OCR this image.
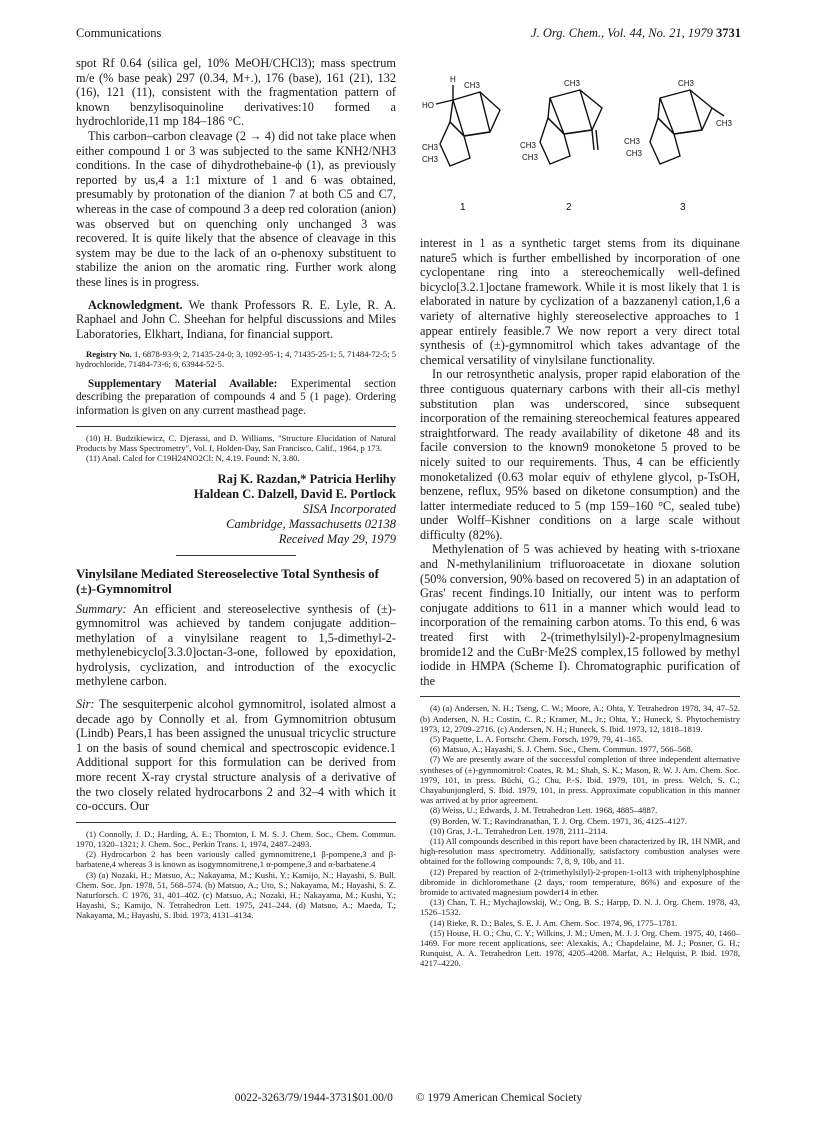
Communications	J. Org. Chem., Vol. 44, No. 21, 1979 3731

spot Rf 0.64 (silica gel, 10% MeOH/CHCl3); mass spectrum m/e (% base peak) 297 (0.34, M+.), 176 (base), 161 (21), 132 (16), 121 (11), consistent with the fragmentation pattern of known benzylisoquinoline derivatives:10 formed a hydrochloride,11 mp 184–186 °C.

This carbon–carbon cleavage (2 → 4) did not take place when either compound 1 or 3 was subjected to the same KNH2/NH3 conditions. In the case of dihydrothebaine-ϕ (1), as previously reported by us,4 a 1:1 mixture of 1 and 6 was obtained, presumably by protonation of the dianion 7 at both C5 and C7, whereas in the case of compound 3 a deep red coloration (anion) was observed but on quenching only unchanged 3 was recovered. It is quite likely that the absence of cleavage in this system may be due to the lack of an o-phenoxy substituent to stabilize the anion on the aromatic ring. Further work along these lines is in progress.

Acknowledgment. We thank Professors R. E. Lyle, R. A. Raphael and John C. Sheehan for helpful discussions and Miles Laboratories, Elkhart, Indiana, for financial support.

Registry No. 1, 6878-93-9; 2, 71435-24-0; 3, 1092-95-1; 4, 71435-25-1; 5, 71484-72-5; 5 hydrochloride, 71484-73-6; 6, 63944-52-5.

Supplementary Material Available: Experimental section describing the preparation of compounds 4 and 5 (1 page). Ordering information is given on any current masthead page.

(10) H. Budzikiewicz, C. Djerassi, and D. Williams, "Structure Elucidation of Natural Products by Mass Spectrometry", Vol. I, Holden-Day, San Francisco, Calif., 1964, p 173.

(11) Anal. Calcd for C19H24NO2Cl: N, 4.19. Found: N, 3.80.

Raj K. Razdan,* Patricia Herlihy
Haldean C. Dalzell, David E. Portlock
SISA Incorporated
Cambridge, Massachusetts 02138
Received May 29, 1979
Vinylsilane Mediated Stereoselective Total Synthesis of (±)-Gymnomitrol

Summary: An efficient and stereoselective synthesis of (±)-gymnomitrol was achieved by tandem conjugate addition–methylation of a vinylsilane reagent to 1,5-dimethyl-2-methylenebicyclo[3.3.0]octan-3-one, followed by epoxidation, hydrolysis, cyclization, and introduction of the exocyclic methylene carbon.

Sir: The sesquiterpenic alcohol gymnomitrol, isolated almost a decade ago by Connolly et al. from Gymnomitrion obtusum (Lindb) Pears,1 has been assigned the unusual tricyclic structure 1 on the basis of sound chemical and spectroscopic evidence.1 Additional support for this formulation can be derived from more recent X-ray crystal structure analysis of a derivative of the two closely related hydrocarbons 2 and 32–4 with which it co-occurs. Our

(1) Connolly, J. D.; Harding, A. E.; Thornton, I. M. S. J. Chem. Soc., Chem. Commun. 1970, 1320–1321; J. Chem. Soc., Perkin Trans. 1, 1974, 2487–2493.

(2) Hydrocarbon 2 has been variously called gymnomitrene,1 β-pompene,3 and β-barbatene,4 whereas 3 is known as isogymnomitrene,1 α-pompene,3 and α-barbatene.4

(3) (a) Nozaki, H.; Matsuo, A.; Nakayama, M.; Kushi, Y.; Kamijo, N.; Hayashi, S. Bull. Chem. Soc. Jpn. 1978, 51, 568–574. (b) Matsuo, A.; Uto, S.; Nakayama, M.; Hayashi, S. Z. Naturforsch. C 1976, 31, 401–402. (c) Matsuo, A.; Nozaki, H.; Nakayama, M.; Kushi, Y.; Hayashi, S.; Kamijo, N. Tetrahedron Lett. 1975, 241–244. (d) Matsuo, A.; Maeda, T.; Nakayama, M.; Hayashi, S. Ibid. 1973, 4131–4134.

H
HO
CH3
CH3
CH3
1
CH3
CH3
CH3
2
CH3
CH3
CH3
CH3
3

interest in 1 as a synthetic target stems from its diquinane nature5 which is further embellished by incorporation of one cyclopentane ring into a stereochemically well-defined bicyclo[3.2.1]octane framework. While it is most likely that 1 is elaborated in nature by cyclization of a bazzanenyl cation,1,6 a variety of alternative highly stereoselective approaches to 1 appear entirely feasible.7 We now report a very direct total synthesis of (±)-gymnomitrol which takes advantage of the chemical versatility of vinylsilane functionality.

In our retrosynthetic analysis, proper rapid elaboration of the three contiguous quaternary carbons with their all-cis methyl substitution plan was underscored, since subsequent incorporation of the remaining stereochemical features appeared straightforward. The ready availability of diketone 48 and its facile conversion to the known9 monoketone 5 proved to be nicely suited to our requirements. Thus, 4 can be efficiently monoketalized (0.63 molar equiv of ethylene glycol, p-TsOH, benzene, reflux, 95% based on diketone consumption) and the latter intermediate reduced to 5 (mp 159–160 °C, sealed tube) under Wolff–Kishner conditions on a large scale without difficulty (82%).

Methylenation of 5 was achieved by heating with s-trioxane and N-methylanilinium trifluoroacetate in dioxane solution (50% conversion, 90% based on recovered 5) in an adaptation of Gras' recent findings.10 Initially, our intent was to perform conjugate additions to 611 in a manner which would lead to incorporation of the remaining carbon atoms. To this end, 6 was treated first with 2-(trimethylsilyl)-2-propenylmagnesium bromide12 and the CuBr·Me2S complex,15 followed by methyl iodide in HMPA (Scheme I). Chromatographic purification of the

(4) (a) Andersen, N. H.; Tseng, C. W.; Moore, A.; Ohta, Y. Tetrahedron 1978, 34, 47–52. (b) Andersen, N. H.; Costin, C. R.; Kramer, M., Jr.; Ohta, Y.; Huneck, S. Phytochemistry 1973, 12, 2709–2716. (c) Andersen, N. H.; Huneck, S. Ibid. 1973, 12, 1818–1819.

(5) Paquette, L. A. Fortschr. Chem. Forsch. 1979, 79, 41–165.

(6) Matsuo, A.; Hayashi, S. J. Chem. Soc., Chem. Commun. 1977, 566–568.

(7) We are presently aware of the successful completion of three independent alternative syntheses of (±)-gymnomitrol: Coates, R. M.; Shah, S. K.; Mason, R. W. J. Am. Chem. Soc. 1979, 101, in press. Büchi, G.; Chu, P.-S. Ibid. 1979, 101, in press. Welch, S. C.; Chayabunjonglerd, S. Ibid. 1979, 101, in press. Approximate copublication in this manner was arrived at by prior agreement.

(8) Weiss, U.; Edwards, J. M. Tetrahedron Lett. 1968, 4885–4887.

(9) Borden, W. T.; Ravindranathan, T. J. Org. Chem. 1971, 36, 4125–4127.

(10) Gras, J.-L. Tetrahedron Lett. 1978, 2111–2114.

(11) All compounds described in this report have been characterized by IR, 1H NMR, and high-resolution mass spectrometry. Additionally, satisfactory combustion analyses were obtained for the following compounds: 7, 8, 9, 10b, and 11.

(12) Prepared by reaction of 2-(trimethylsilyl)-2-propen-1-ol13 with triphenylphosphine dibromide in dichloromethane (2 days, room temperature, 86%) and exposure of the bromide to activated magnesium powder14 in ether.

(13) Chan, T. H.; Mychajlowskij, W.; Ong, B. S.; Harpp, D. N. J. Org. Chem. 1978, 43, 1526–1532.

(14) Rieke, R. D.; Bales, S. E. J. Am. Chem. Soc. 1974, 96, 1775–1781.

(15) House, H. O.; Chu, C. Y.; Wilkins, J. M.; Umen, M. J. J. Org. Chem. 1975, 40, 1460–1469. For more recent applications, see: Alexakis, A.; Chapdelaine, M. J.; Posner, G. H.; Runquist, A. A. Tetrahedron Lett. 1978, 4205–4208. Marfat, A.; Helquist, P. Ibid. 1978, 4217–4220.

0022-3263/79/1944-3731$01.00/0 © 1979 American Chemical Society
